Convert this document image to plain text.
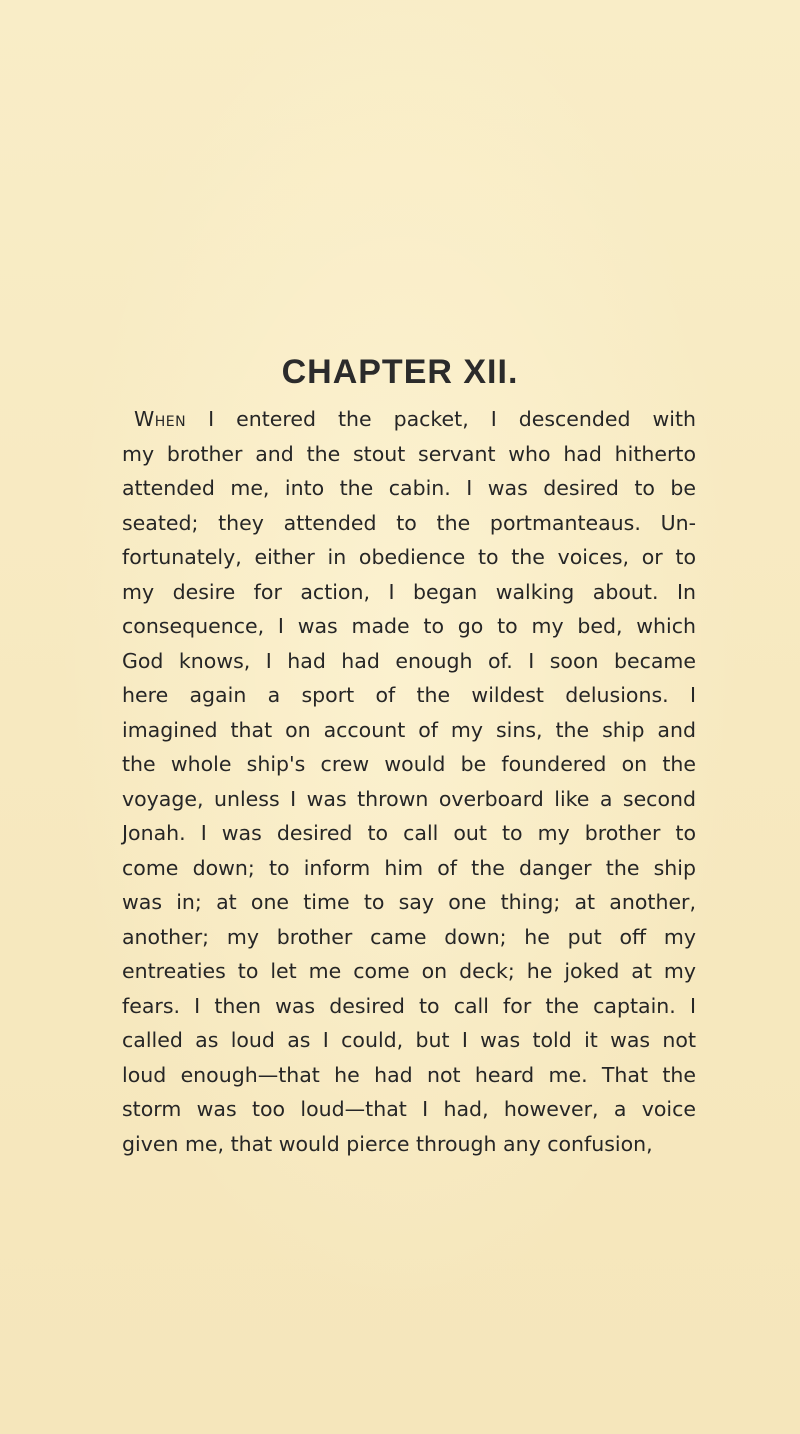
CHAPTER XII.
When I entered the packet, I descended with
my brother and the stout servant who had hitherto
attended me, into the cabin. I was desired to be
seated; they attended to the portmanteaus. Un-
fortunately, either in obedience to the voices, or to
my desire for action, I began walking about. In
consequence, I was made to go to my bed, which
God knows, I had had enough of. I soon became
here again a sport of the wildest delusions. I
imagined that on account of my sins, the ship and
the whole ship's crew would be foundered on the
voyage, unless I was thrown overboard like a second
Jonah. I was desired to call out to my brother to
come down; to inform him of the danger the ship
was in; at one time to say one thing; at another,
another; my brother came down; he put off my
entreaties to let me come on deck; he joked at my
fears. I then was desired to call for the captain. I
called as loud as I could, but I was told it was not
loud enough—that he had not heard me. That the
storm was too loud—that I had, however, a voice
given me, that would pierce through any confusion,
